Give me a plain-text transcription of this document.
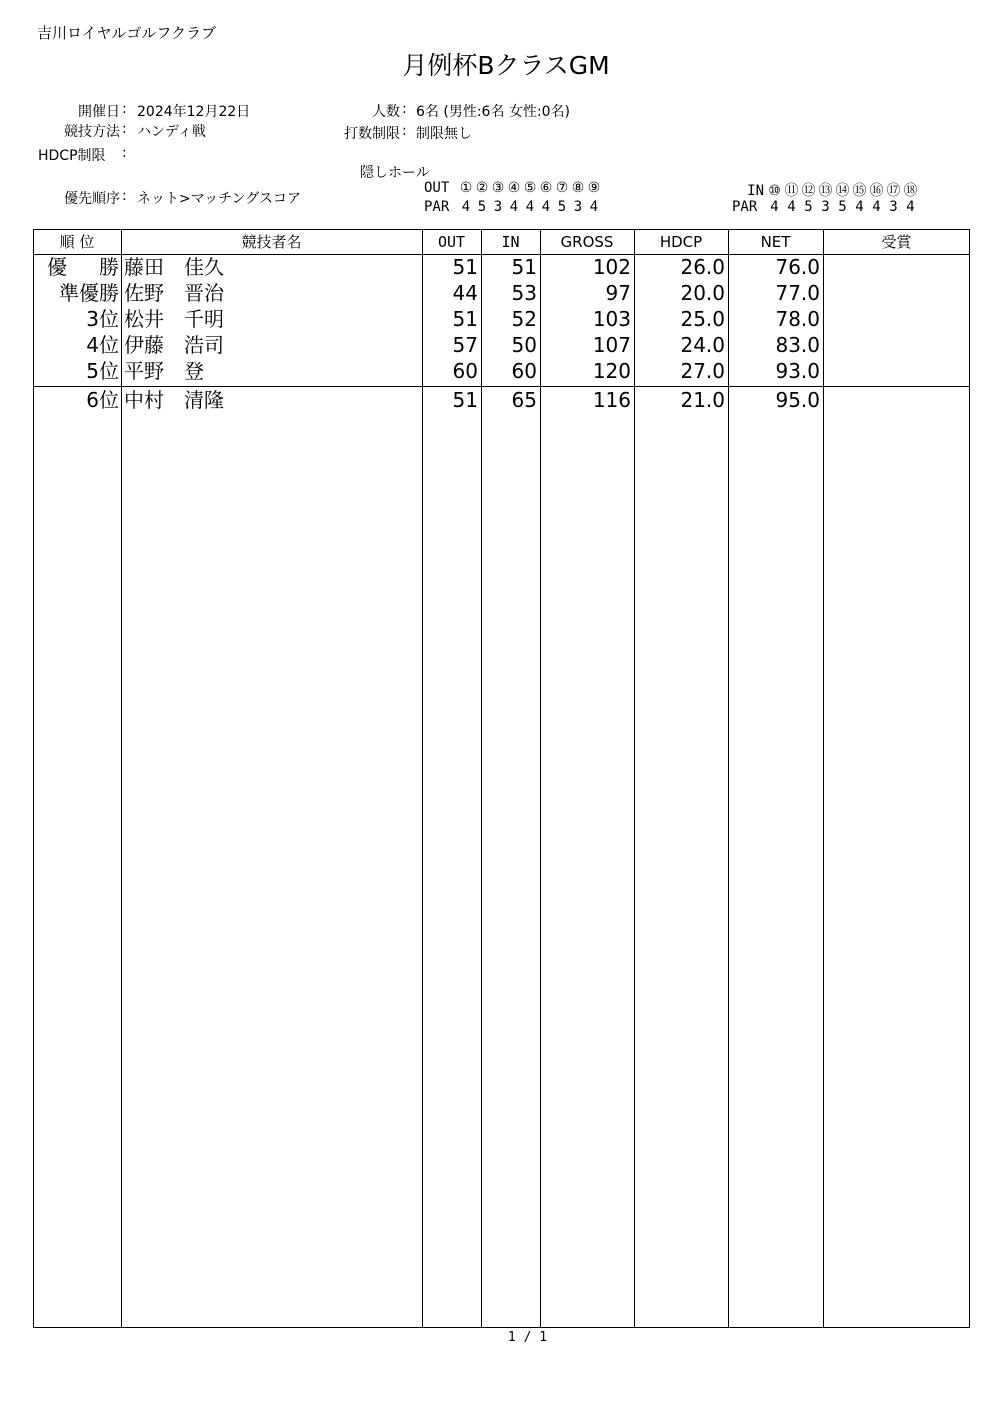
吉川ロイヤルゴルフクラブ
月例杯BクラスGM
開催日 : 2024年12月22日
競技方法 : ハンディ戦
HDCP制限 :
人数 : 6名 (男性:6名 女性:0名)
打数制限 : 制限無し
隠しホール
優先順序 : ネット>マッチングスコア
OUT ① ② ③ ④ ⑤ ⑥ ⑦ ⑧ ⑨
PAR 4 5 3 4 4 4 5 3 4
IN ⑩ ⑪ ⑫ ⑬ ⑭ ⑮ ⑯ ⑰ ⑱
PAR 4 4 5 3 5 4 4 3 4
順 位	競技者名	OUT	IN	GROSS	HDCP	NET	受賞
優　勝 藤田　佳久	51	51	102	26.0	76.0
準優勝 佐野　晋治	44	53	97	20.0	77.0
3位 松井　千明	51	52	103	25.0	78.0
4位 伊藤　浩司	57	50	107	24.0	83.0
5位 平野　登	60	60	120	27.0	93.0
6位 中村　清隆	51	65	116	21.0	95.0
1 / 1
